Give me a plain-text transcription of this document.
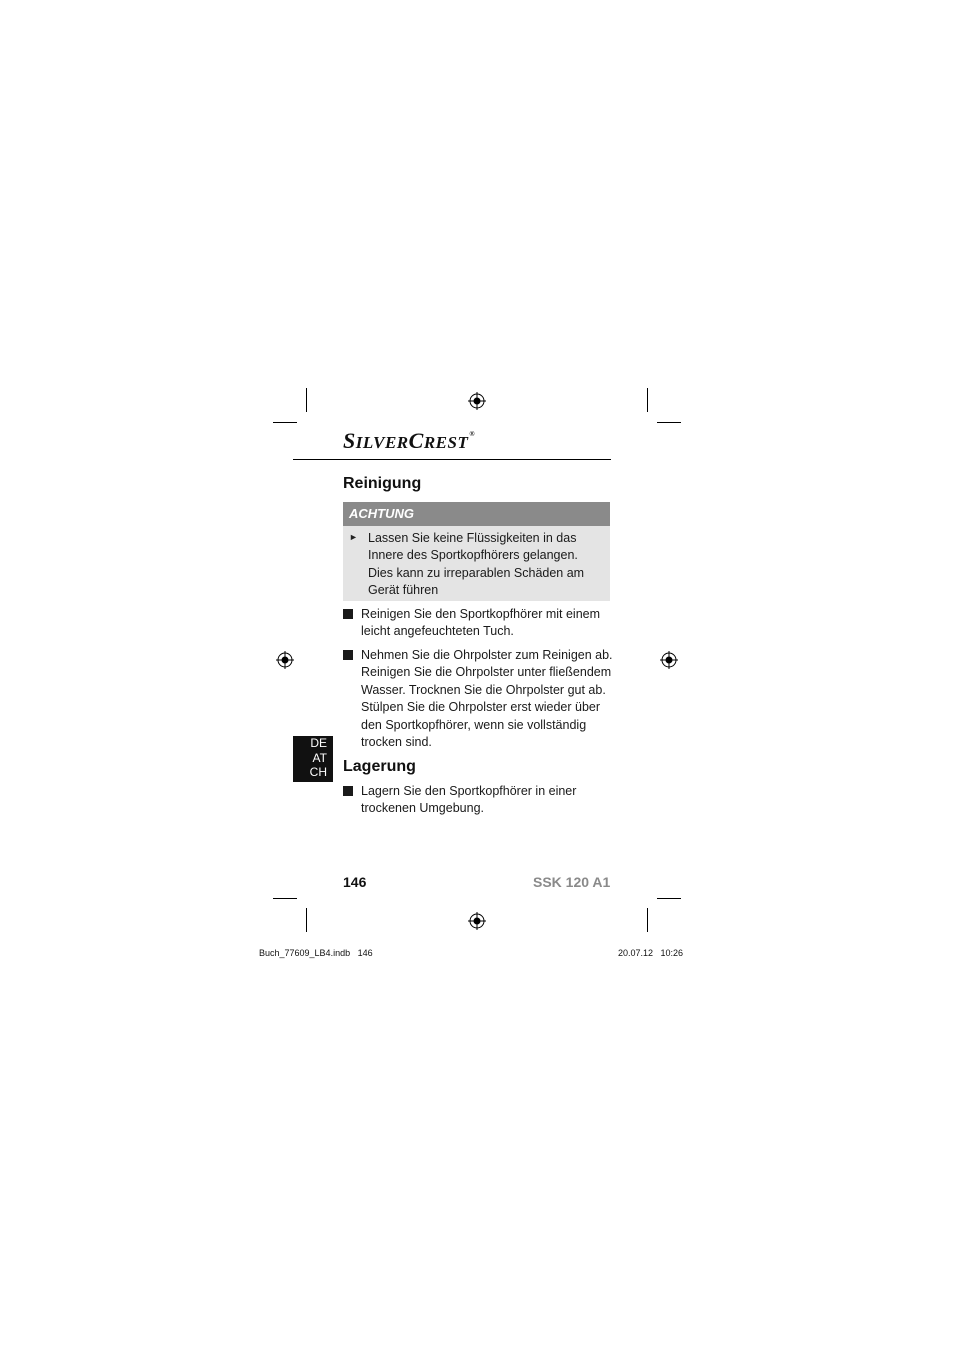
SILVERCREST®
Reinigung
ACHTUNG
► Lassen Sie keine Flüssigkeiten in das
Innere des Sportkopfhörers gelangen.
Dies kann zu irreparablen Schäden am
Gerät führen
Reinigen Sie den Sportkopfhörer mit einem
leicht angefeuchteten Tuch.
Nehmen Sie die Ohrpolster zum Reinigen ab.
Reinigen Sie die Ohrpolster unter fließendem
Wasser. Trocknen Sie die Ohrpolster gut ab.
Stülpen Sie die Ohrpolster erst wieder über
den Sportkopfhörer, wenn sie vollständig
trocken sind.
DE
AT
CH	Lagerung
Lagern Sie den Sportkopfhörer in einer
trockenen Umgebung.
146	SSK 120 A1
Buch_77609_LB4.indb   146	20.07.12   10:26
